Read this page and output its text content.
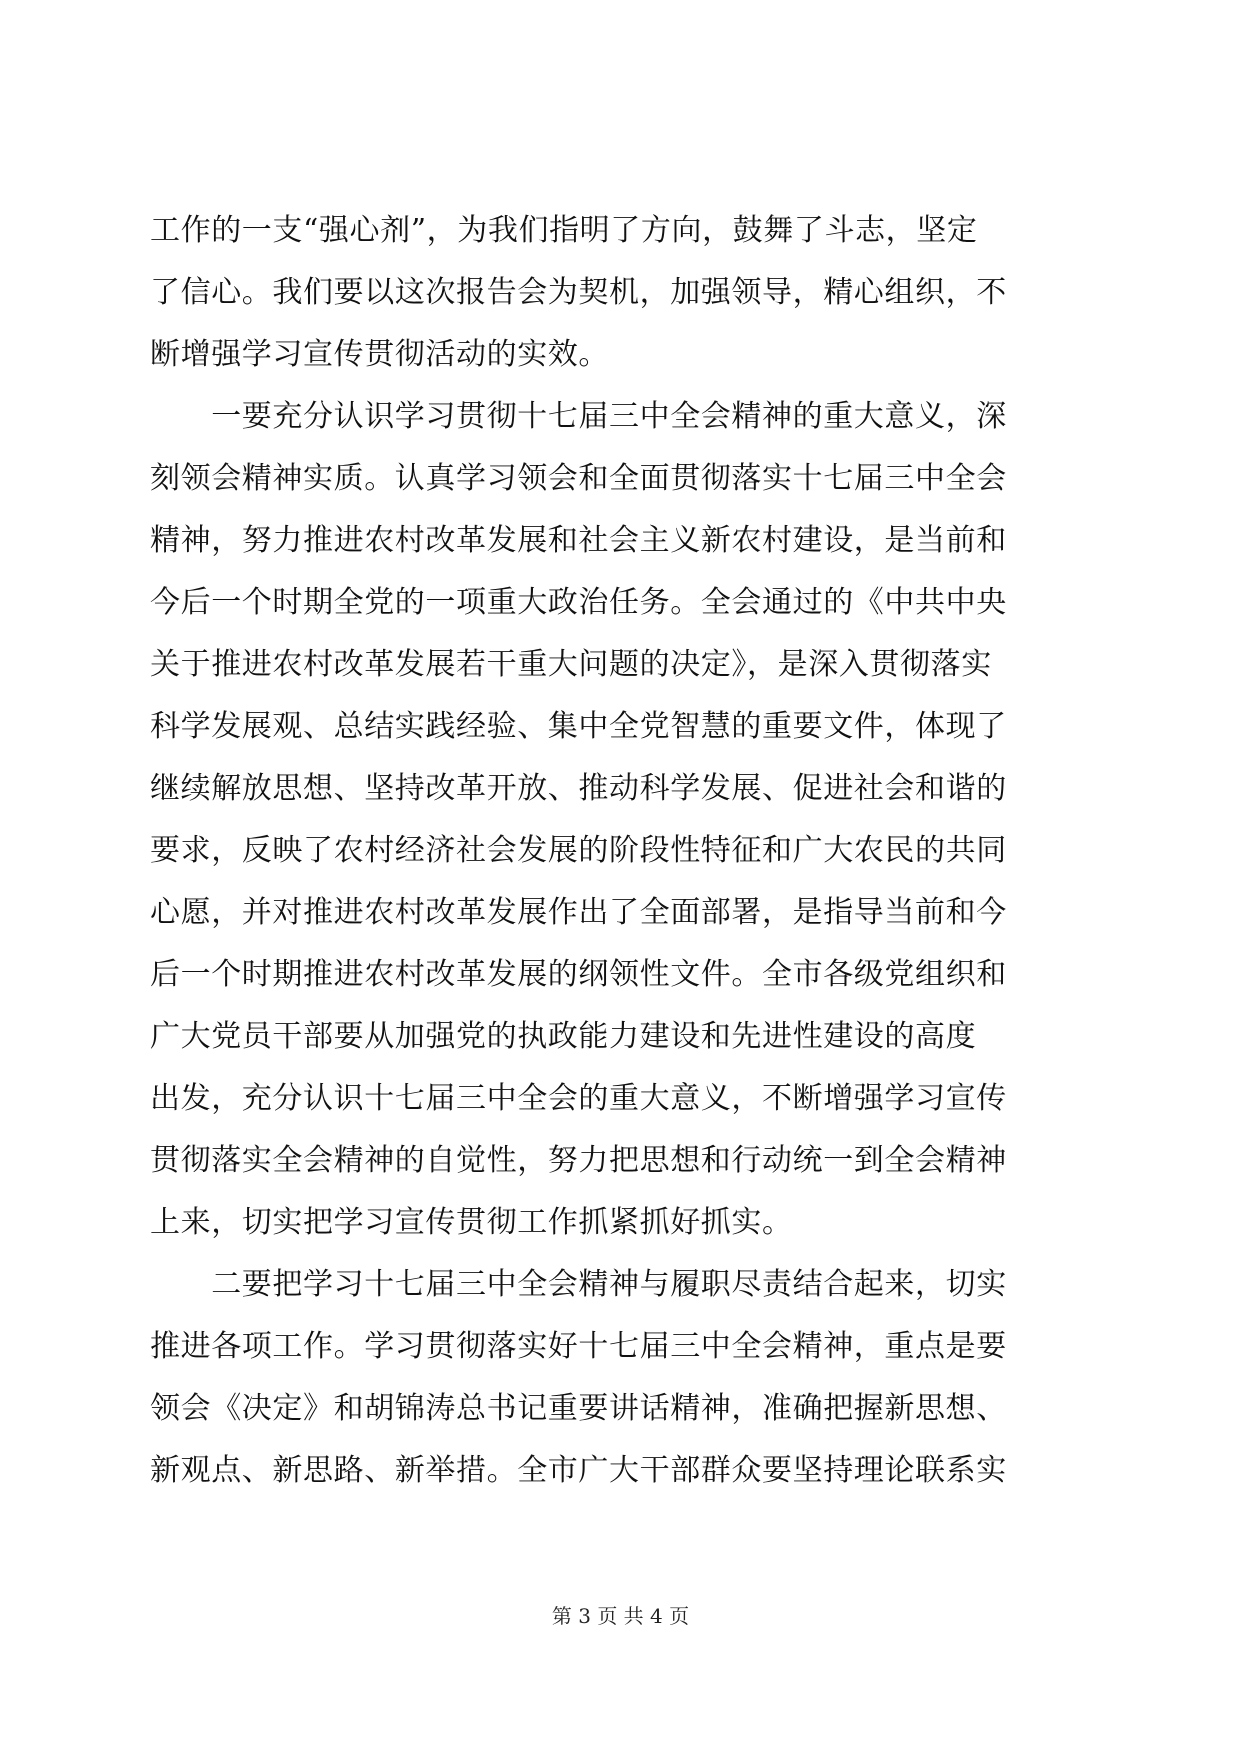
工作的一支“强心剂”，为我们指明了方向，鼓舞了斗志，坚定
了信心。我们要以这次报告会为契机，加强领导，精心组织，不
断增强学习宣传贯彻活动的实效。
　　一要充分认识学习贯彻十七届三中全会精神的重大意义，深
刻领会精神实质。认真学习领会和全面贯彻落实十七届三中全会
精神，努力推进农村改革发展和社会主义新农村建设，是当前和
今后一个时期全党的一项重大政治任务。全会通过的《中共中央
关于推进农村改革发展若干重大问题的决定》，是深入贯彻落实
科学发展观、总结实践经验、集中全党智慧的重要文件，体现了
继续解放思想、坚持改革开放、推动科学发展、促进社会和谐的
要求，反映了农村经济社会发展的阶段性特征和广大农民的共同
心愿，并对推进农村改革发展作出了全面部署，是指导当前和今
后一个时期推进农村改革发展的纲领性文件。全市各级党组织和
广大党员干部要从加强党的执政能力建设和先进性建设的高度
出发，充分认识十七届三中全会的重大意义，不断增强学习宣传
贯彻落实全会精神的自觉性，努力把思想和行动统一到全会精神
上来，切实把学习宣传贯彻工作抓紧抓好抓实。
　　二要把学习十七届三中全会精神与履职尽责结合起来，切实
推进各项工作。学习贯彻落实好十七届三中全会精神，重点是要
领会《决定》和胡锦涛总书记重要讲话精神，准确把握新思想、
新观点、新思路、新举措。全市广大干部群众要坚持理论联系实
第 3 页 共 4 页
